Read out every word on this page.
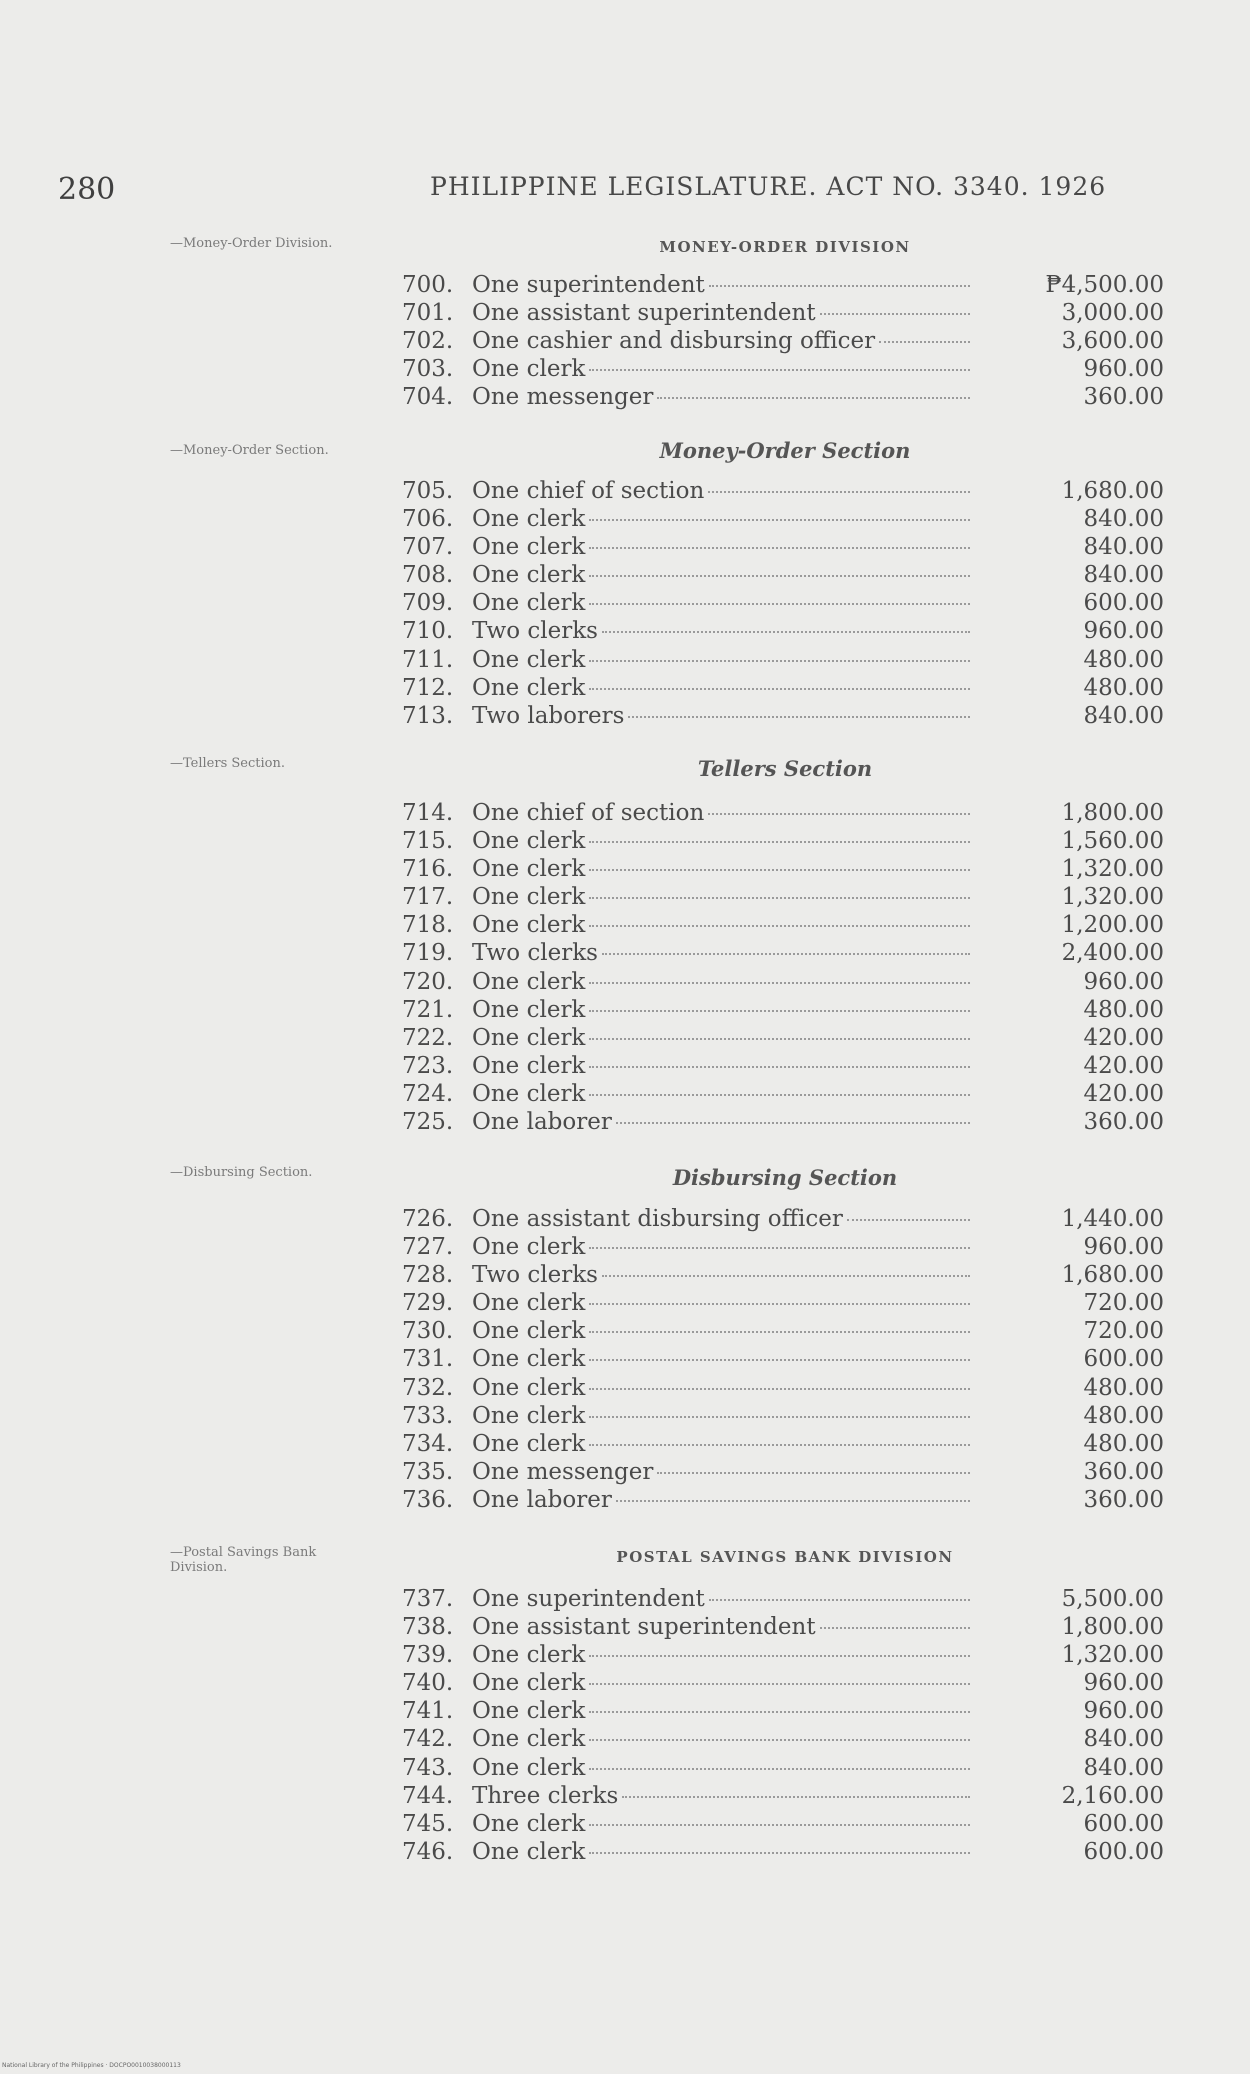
280	PHILIPPINE LEGISLATURE. ACT NO. 3340. 1926
—Money-Order Division.	MONEY-ORDER DIVISION
700. One superintendent	₱4,500.00
701. One assistant superintendent	3,000.00
702. One cashier and disbursing officer	3,600.00
703. One clerk	960.00
704. One messenger	360.00
—Money-Order Section.	Money-Order Section
705. One chief of section	1,680.00
706. One clerk	840.00
707. One clerk	840.00
708. One clerk	840.00
709. One clerk	600.00
710. Two clerks	960.00
711. One clerk	480.00
712. One clerk	480.00
713. Two laborers	840.00
—Tellers Section.	Tellers Section
714. One chief of section	1,800.00
715. One clerk	1,560.00
716. One clerk	1,320.00
717. One clerk	1,320.00
718. One clerk	1,200.00
719. Two clerks	2,400.00
720. One clerk	960.00
721. One clerk	480.00
722. One clerk	420.00
723. One clerk	420.00
724. One clerk	420.00
725. One laborer	360.00
—Disbursing Section.	Disbursing Section
726. One assistant disbursing officer	1,440.00
727. One clerk	960.00
728. Two clerks	1,680.00
729. One clerk	720.00
730. One clerk	720.00
731. One clerk	600.00
732. One clerk	480.00
733. One clerk	480.00
734. One clerk	480.00
735. One messenger	360.00
736. One laborer	360.00
—Postal Savings Bank Division.
POSTAL SAVINGS BANK DIVISION
737. One superintendent	5,500.00
738. One assistant superintendent	1,800.00
739. One clerk	1,320.00
740. One clerk	960.00
741. One clerk	960.00
742. One clerk	840.00
743. One clerk	840.00
744. Three clerks	2,160.00
745. One clerk	600.00
746. One clerk	600.00
National Library of the Philippines · DOCPO0010038000113
